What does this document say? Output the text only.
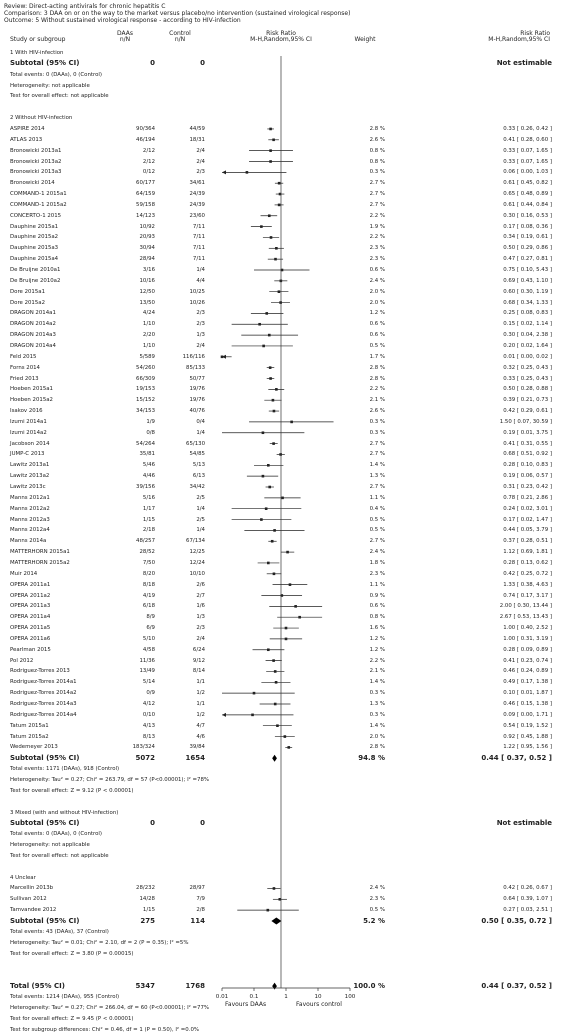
Review: Direct-acting antivirals for chronic hepatitis C
Comparison: 3 DAA on or on the way to the market versus placebo/no intervention (sustained virological response)
Outcome: 5 Without sustained virological response - according to HIV-infection
Study or subgroup
DAAs
n/N
Control
n/N
Risk Ratio
M-H,Random,95% CI	Weight
Risk Ratio
M-H,Random,95% CI
1 With HIV-infection
Subtotal (95% CI)	0	0	Not estimable
Total events: 0 (DAAs), 0 (Control)
Heterogeneity: not applicable
Test for overall effect: not applicable
2 Without HIV-infection
ASPIRE 2014	90/364	44/59	2.8 %	0.33 [ 0.26, 0.42 ]
ATLAS 2013	46/194	18/31	2.6 %	0.41 [ 0.28, 0.60 ]
Bronowicki 2013a1	2/12	2/4	0.8 %	0.33 [ 0.07, 1.65 ]
Bronowicki 2013a2	2/12	2/4	0.8 %	0.33 [ 0.07, 1.65 ]
Bronowicki 2013a3	0/12	2/3	0.3 %	0.06 [ 0.00, 1.03 ]
Bronowicki 2014	60/177	34/61	2.7 %	0.61 [ 0.45, 0.82 ]
COMMAND-1 2015a1	64/159	24/39	2.7 %	0.65 [ 0.48, 0.89 ]
COMMAND-1 2015a2	59/158	24/39	2.7 %	0.61 [ 0.44, 0.84 ]
CONCERTO-1 2015	14/123	23/60	2.2 %	0.30 [ 0.16, 0.53 ]
Dauphine 2015a1	10/92	7/11	1.9 %	0.17 [ 0.08, 0.36 ]
Dauphine 2015a2	20/93	7/11	2.2 %	0.34 [ 0.19, 0.61 ]
Dauphine 2015a3	30/94	7/11	2.3 %	0.50 [ 0.29, 0.86 ]
Dauphine 2015a4	28/94	7/11	2.3 %	0.47 [ 0.27, 0.81 ]
De Bruijne 2010a1	3/16	1/4	0.6 %	0.75 [ 0.10, 5.43 ]
De Bruijne 2010a2	10/16	4/4	2.4 %	0.69 [ 0.43, 1.10 ]
Dore 2015a1	12/50	10/25	2.0 %	0.60 [ 0.30, 1.19 ]
Dore 2015a2	13/50	10/26	2.0 %	0.68 [ 0.34, 1.33 ]
DRAGON 2014a1	4/24	2/3	1.2 %	0.25 [ 0.08, 0.83 ]
DRAGON 2014a2	1/10	2/3	0.6 %	0.15 [ 0.02, 1.14 ]
DRAGON 2014a3	2/20	1/3	0.6 %	0.30 [ 0.04, 2.38 ]
DRAGON 2014a4	1/10	2/4	0.5 %	0.20 [ 0.02, 1.64 ]
Feld 2015	5/589	116/116	1.7 %	0.01 [ 0.00, 0.02 ]
Forns 2014	54/260	85/133	2.8 %	0.32 [ 0.25, 0.43 ]
Fried 2013	66/309	50/77	2.8 %	0.33 [ 0.25, 0.43 ]
Hoeben 2015a1	19/153	19/76	2.2 %	0.50 [ 0.28, 0.88 ]
Hoeben 2015a2	15/152	19/76	2.1 %	0.39 [ 0.21, 0.73 ]
Isakov 2016	34/153	40/76	2.6 %	0.42 [ 0.29, 0.61 ]
Izumi 2014a1	1/9	0/4	0.3 %	1.50 [ 0.07, 30.59 ]
Izumi 2014a2	0/8	1/4	0.3 %	0.19 [ 0.01, 3.75 ]
Jacobson 2014	54/264	65/130	2.7 %	0.41 [ 0.31, 0.55 ]
JUMP-C 2013	35/81	54/85	2.7 %	0.68 [ 0.51, 0.92 ]
Lawitz 2013a1	5/46	5/13	1.4 %	0.28 [ 0.10, 0.83 ]
Lawitz 2013a2	4/46	6/13	1.3 %	0.19 [ 0.06, 0.57 ]
Lawitz 2013c	39/156	34/42	2.7 %	0.31 [ 0.23, 0.42 ]
Manns 2012a1	5/16	2/5	1.1 %	0.78 [ 0.21, 2.86 ]
Manns 2012a2	1/17	1/4	0.4 %	0.24 [ 0.02, 3.01 ]
Manns 2012a3	1/15	2/5	0.5 %	0.17 [ 0.02, 1.47 ]
Manns 2012a4	2/18	1/4	0.5 %	0.44 [ 0.05, 3.79 ]
Manns 2014a	48/257	67/134	2.7 %	0.37 [ 0.28, 0.51 ]
MATTERHORN 2015a1	28/52	12/25	2.4 %	1.12 [ 0.69, 1.81 ]
MATTERHORN 2015a2	7/50	12/24	1.8 %	0.28 [ 0.13, 0.62 ]
Muir 2014	8/20	10/10	2.3 %	0.42 [ 0.25, 0.72 ]
OPERA 2011a1	8/18	2/6	1.1 %	1.33 [ 0.38, 4.63 ]
OPERA 2011a2	4/19	2/7	0.9 %	0.74 [ 0.17, 3.17 ]
OPERA 2011a3	6/18	1/6	0.6 %	2.00 [ 0.30, 13.44 ]
OPERA 2011a4	8/9	1/3	0.8 %	2.67 [ 0.53, 13.43 ]
OPERA 2011a5	6/9	2/3	1.6 %	1.00 [ 0.40, 2.52 ]
OPERA 2011a6	5/10	2/4	1.2 %	1.00 [ 0.31, 3.19 ]
Pearlman 2015	4/58	6/24	1.2 %	0.28 [ 0.09, 0.89 ]
Pol 2012	11/36	9/12	2.2 %	0.41 [ 0.23, 0.74 ]
Rodriguez-Torres 2013	13/49	8/14	2.1 %	0.46 [ 0.24, 0.89 ]
Rodriguez-Torres 2014a1	5/14	1/1	1.4 %	0.49 [ 0.17, 1.38 ]
Rodriguez-Torres 2014a2	0/9	1/2	0.3 %	0.10 [ 0.01, 1.87 ]
Rodriguez-Torres 2014a3	4/12	1/1	1.3 %	0.46 [ 0.15, 1.38 ]
Rodriguez-Torres 2014a4	0/10	1/2	0.3 %	0.09 [ 0.00, 1.71 ]
Tatum 2015a1	4/13	4/7	1.4 %	0.54 [ 0.19, 1.52 ]
Tatum 2015a2	8/13	4/6	2.0 %	0.92 [ 0.45, 1.88 ]
Wedemeyer 2013	183/324	39/84	2.8 %	1.22 [ 0.95, 1.56 ]
Subtotal (95% CI)	5072	1654	94.8 %	0.44 [ 0.37, 0.52 ]
Total events: 1171 (DAAs), 918 (Control)
Heterogeneity: Tau² = 0.27; Chi² = 263.79, df = 57 (P<0.00001); I² =78%
Test for overall effect: Z = 9.12 (P < 0.00001)
3 Mixed (with and without HIV-infection)
Subtotal (95% CI)	0	0	Not estimable
Total events: 0 (DAAs), 0 (Control)
Heterogeneity: not applicable
Test for overall effect: not applicable
4 Unclear
Marcellin 2013b	28/232	28/97	2.4 %	0.42 [ 0.26, 0.67 ]
Sullivan 2012	14/28	7/9	2.3 %	0.64 [ 0.39, 1.07 ]
Tamvandee 2012	1/15	2/8	0.5 %	0.27 [ 0.03, 2.51 ]
Subtotal (95% CI)	275	114	5.2 %	0.50 [ 0.35, 0.72 ]
Total events: 43 (DAAs), 37 (Control)
Heterogeneity: Tau² = 0.01; Chi² = 2.10, df = 2 (P = 0.35); I² =5%
Test for overall effect: Z = 3.80 (P = 0.00015)
Total (95% CI)	5347	1768	100.0 %	0.44 [ 0.37, 0.52 ]
Total events: 1214 (DAAs), 955 (Control)
Heterogeneity: Tau² = 0.27; Chi² = 266.04, df = 60 (P<0.00001); I² =77%
Test for overall effect: Z = 9.45 (P < 0.00001)
Test for subgroup differences: Chi² = 0.46, df = 1 (P = 0.50), I² =0.0%
0.01	0.1	1	10	100
Favours DAAs	Favours control
